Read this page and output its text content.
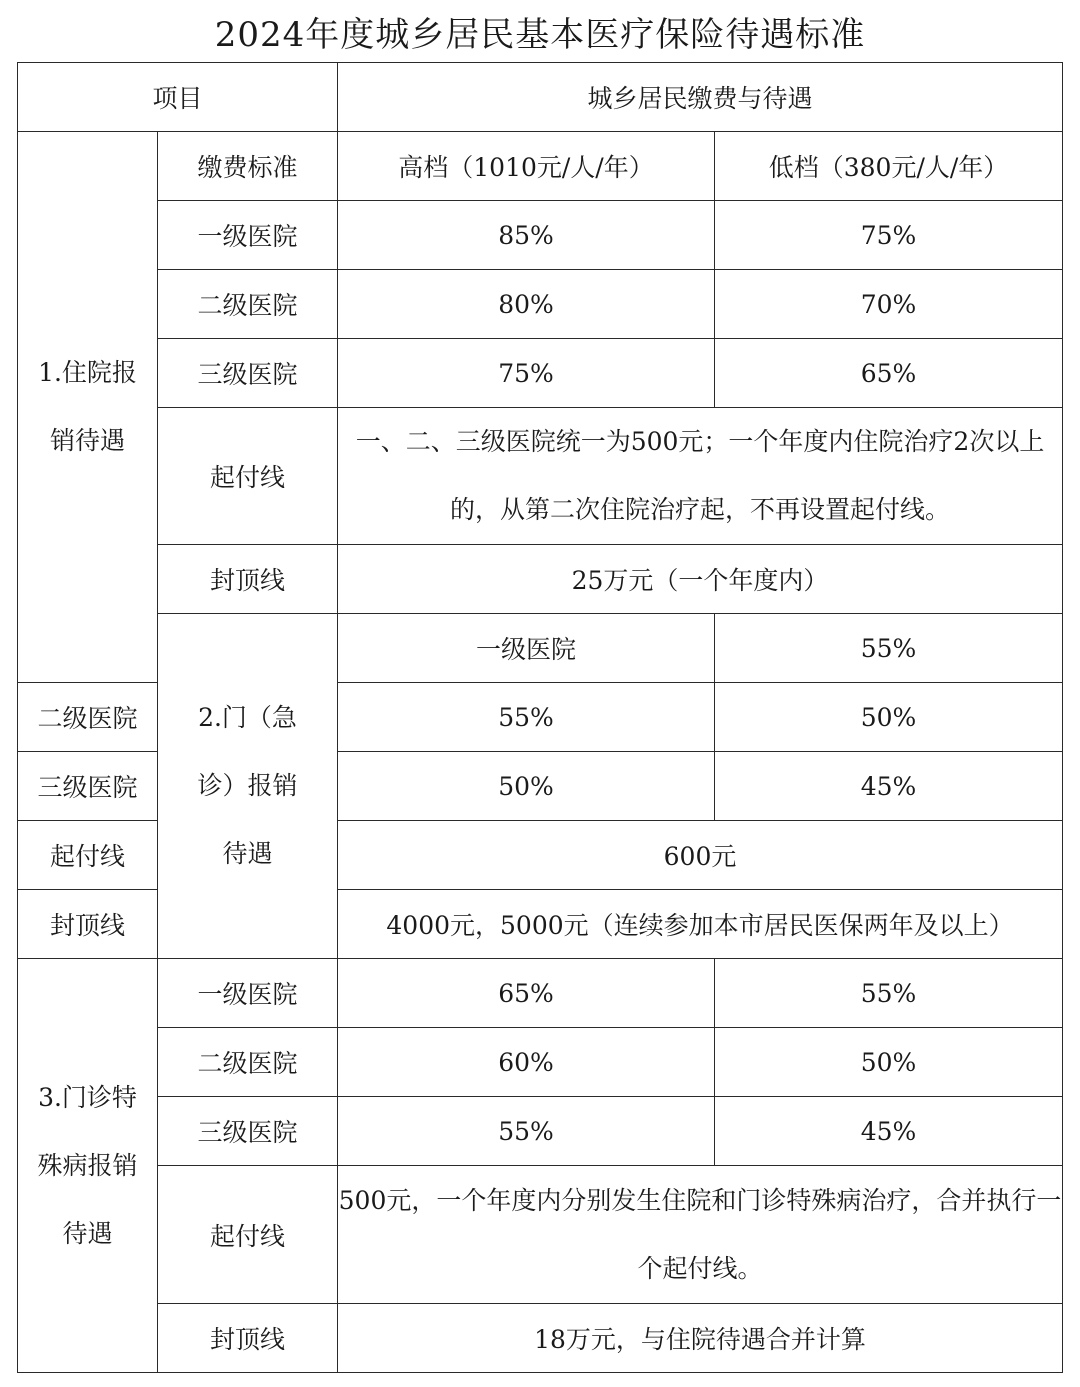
2024年度城乡居民基本医疗保险待遇标准
项目		城乡居民缴费与待遇		
1.住院报销待遇	缴费标准	高档（1010元/人/年）	低档（380元/人/年）	
	一级医院	85%	75%	
	二级医院	80%	70%	
	三级医院	75%	65%	
	起付线	一、二、三级医院统一为500元；一个年度内住院治疗2次以上的，从第二次住院治疗起，不再设置起付线。		
	封顶线	25万元（一个年度内）		
	2.门（急诊）报销待遇	一级医院	55%	
二级医院		55%	50%	
三级医院		50%	45%	
起付线		600元		
封顶线		4000元，5000元（连续参加本市居民医保两年及以上）		
3.门诊特殊病报销待遇	一级医院	65%	55%	
	二级医院	60%	50%	
	三级医院	55%	45%	
	起付线	500元，一个年度内分别发生住院和门诊特殊病治疗，合并执行一个起付线。		
	封顶线	18万元，与住院待遇合并计算		
